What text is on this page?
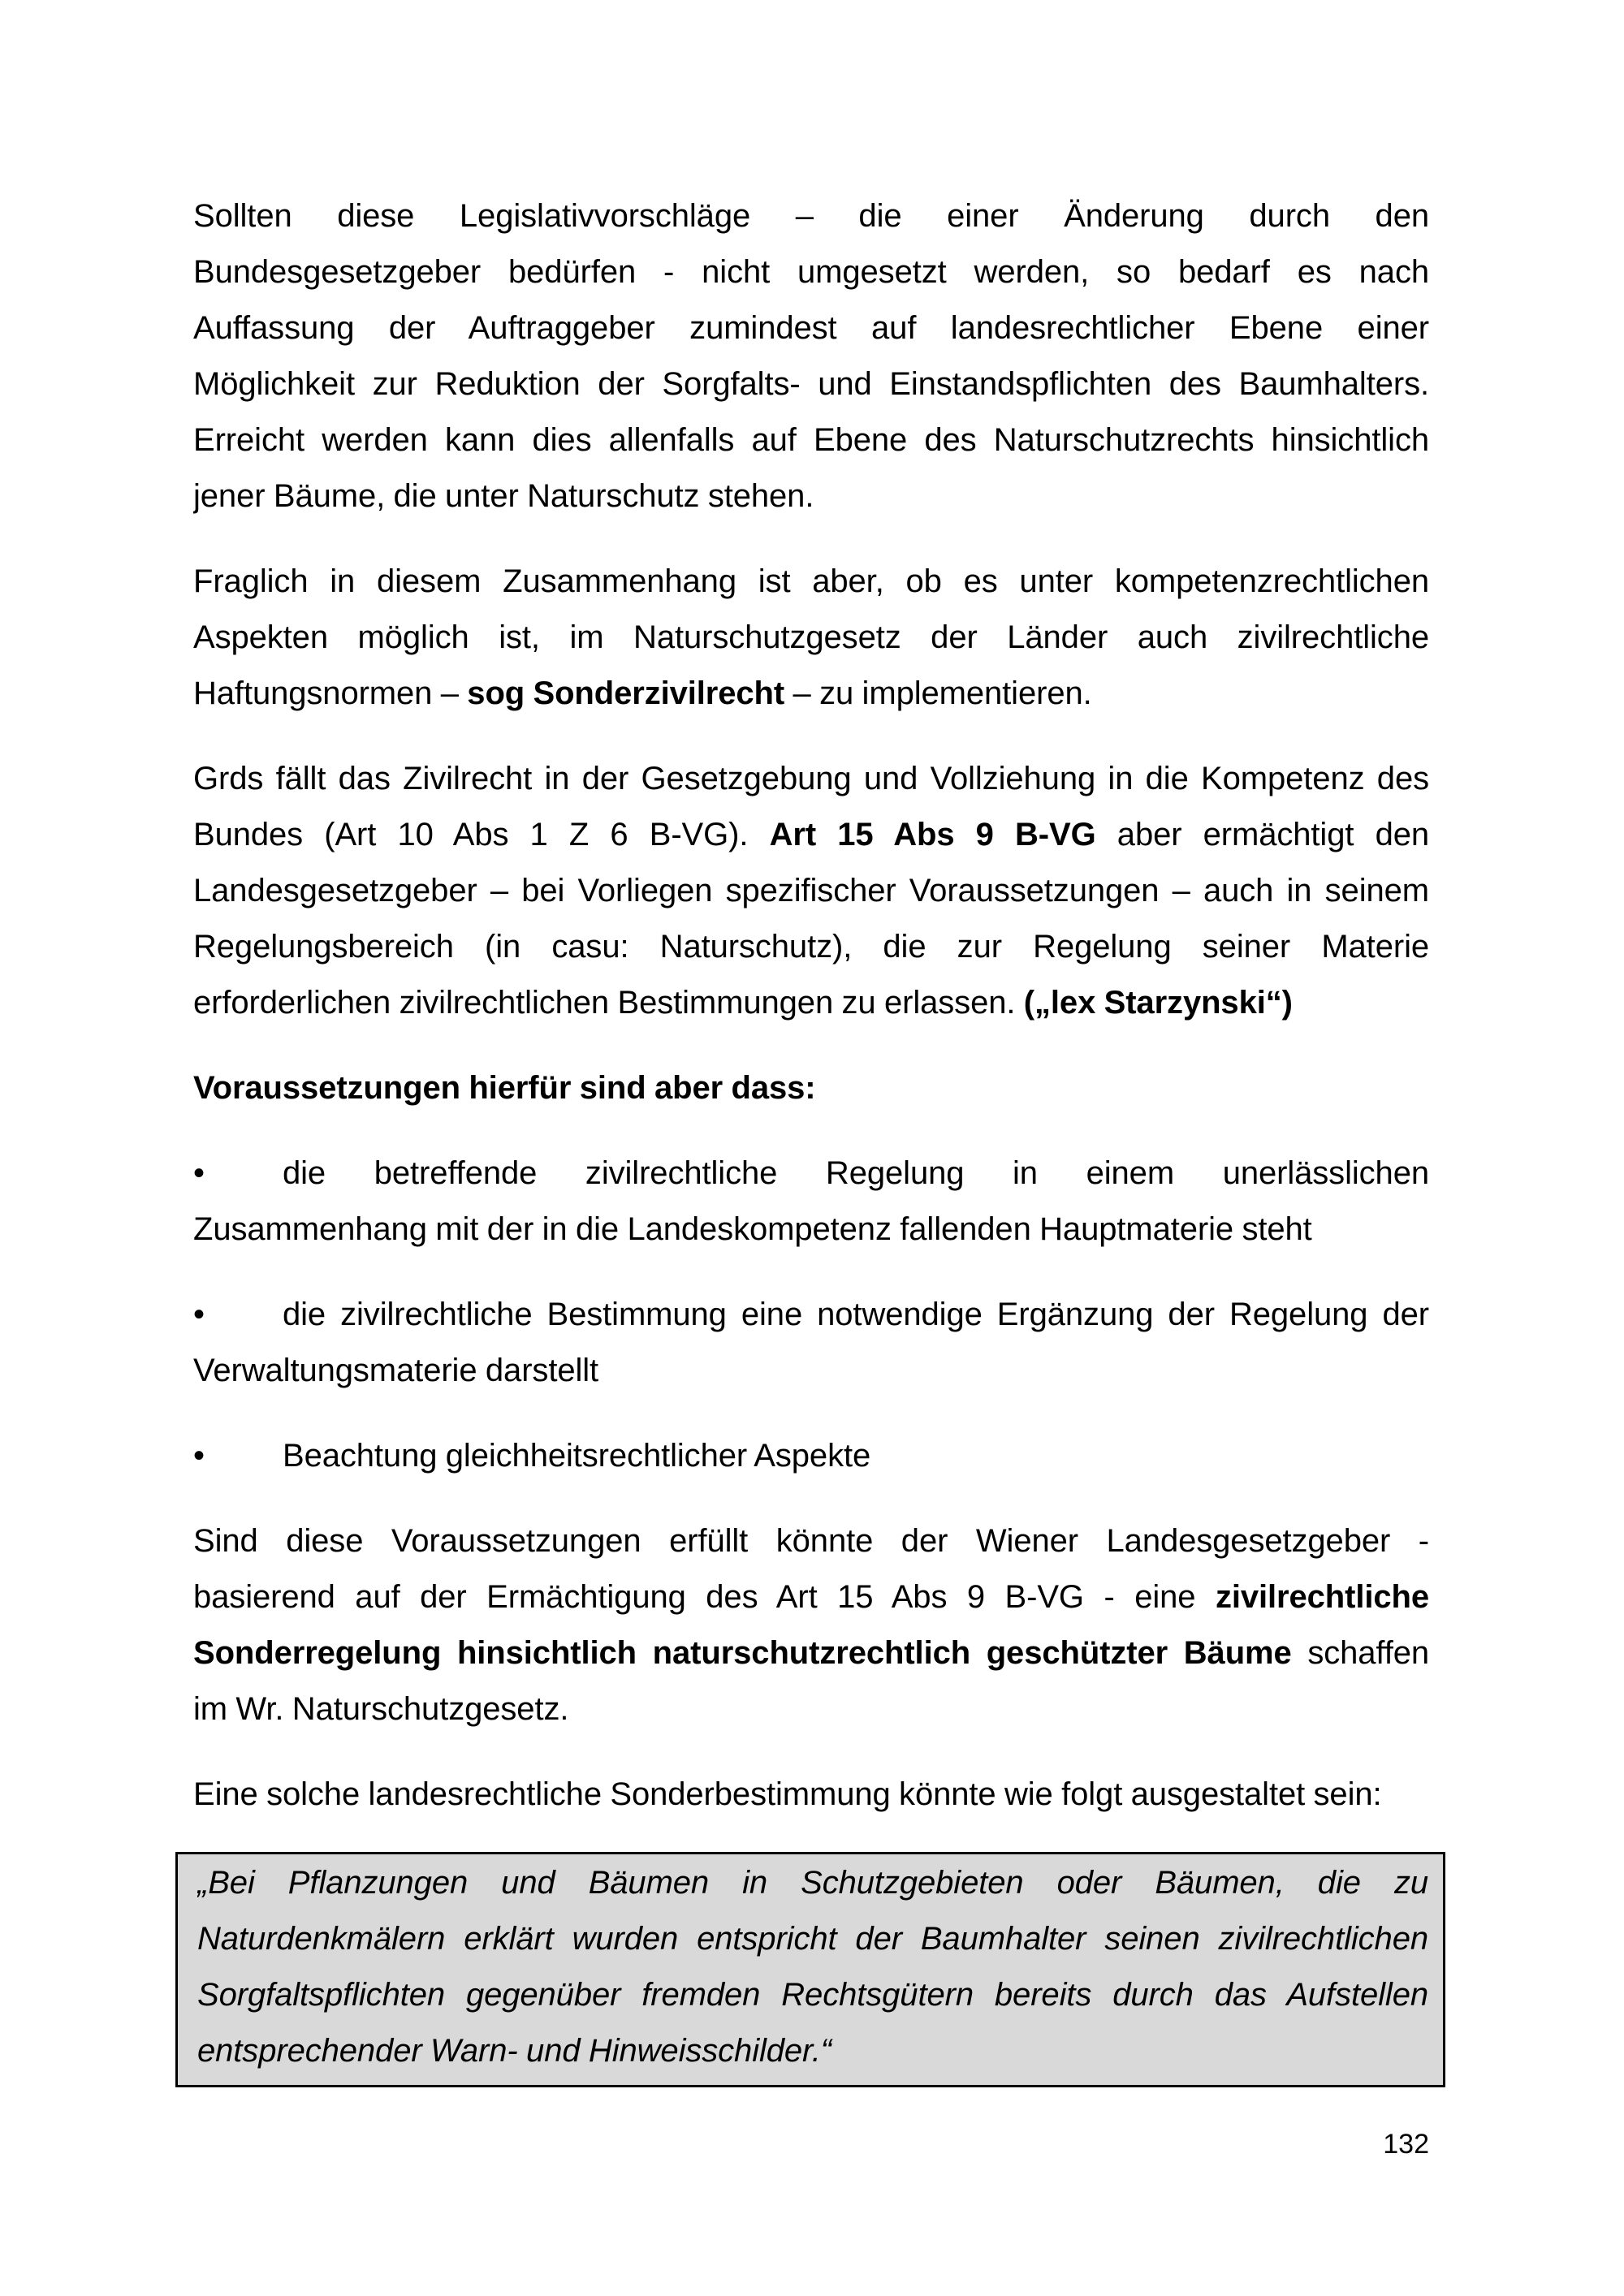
Sollten diese Legislativvorschläge – die einer Änderung durch den
Bundesgesetzgeber bedürfen - nicht umgesetzt werden, so bedarf es nach
Auffassung der Auftraggeber zumindest auf landesrechtlicher Ebene einer
Möglichkeit zur Reduktion der Sorgfalts- und Einstandspflichten des Baumhalters.
Erreicht werden kann dies allenfalls auf Ebene des Naturschutzrechts hinsichtlich
jener Bäume, die unter Naturschutz stehen.
Fraglich in diesem Zusammenhang ist aber, ob es unter kompetenzrechtlichen
Aspekten möglich ist, im Naturschutzgesetz der Länder auch zivilrechtliche
Haftungsnormen – sog Sonderzivilrecht – zu implementieren.
Grds fällt das Zivilrecht in der Gesetzgebung und Vollziehung in die Kompetenz des
Bundes (Art 10 Abs 1 Z 6 B-VG). Art 15 Abs 9 B-VG aber ermächtigt den
Landesgesetzgeber – bei Vorliegen spezifischer Voraussetzungen – auch in seinem
Regelungsbereich (in casu: Naturschutz), die zur Regelung seiner Materie
erforderlichen zivilrechtlichen Bestimmungen zu erlassen. („lex Starzynski“)
Voraussetzungen hierfür sind aber dass:
• die betreffende zivilrechtliche Regelung in einem unerlässlichen
Zusammenhang mit der in die Landeskompetenz fallenden Hauptmaterie steht
• die zivilrechtliche Bestimmung eine notwendige Ergänzung der Regelung der
Verwaltungsmaterie darstellt
• Beachtung gleichheitsrechtlicher Aspekte
Sind diese Voraussetzungen erfüllt könnte der Wiener Landesgesetzgeber -
basierend auf der Ermächtigung des Art 15 Abs 9 B-VG - eine zivilrechtliche
Sonderregelung hinsichtlich naturschutzrechtlich geschützter Bäume schaffen
im Wr. Naturschutzgesetz.
Eine solche landesrechtliche Sonderbestimmung könnte wie folgt ausgestaltet sein:
„Bei Pflanzungen und Bäumen in Schutzgebieten oder Bäumen, die zu
Naturdenkmälern erklärt wurden entspricht der Baumhalter seinen zivilrechtlichen
Sorgfaltspflichten gegenüber fremden Rechtsgütern bereits durch das Aufstellen
entsprechender Warn- und Hinweisschilder.“
132
